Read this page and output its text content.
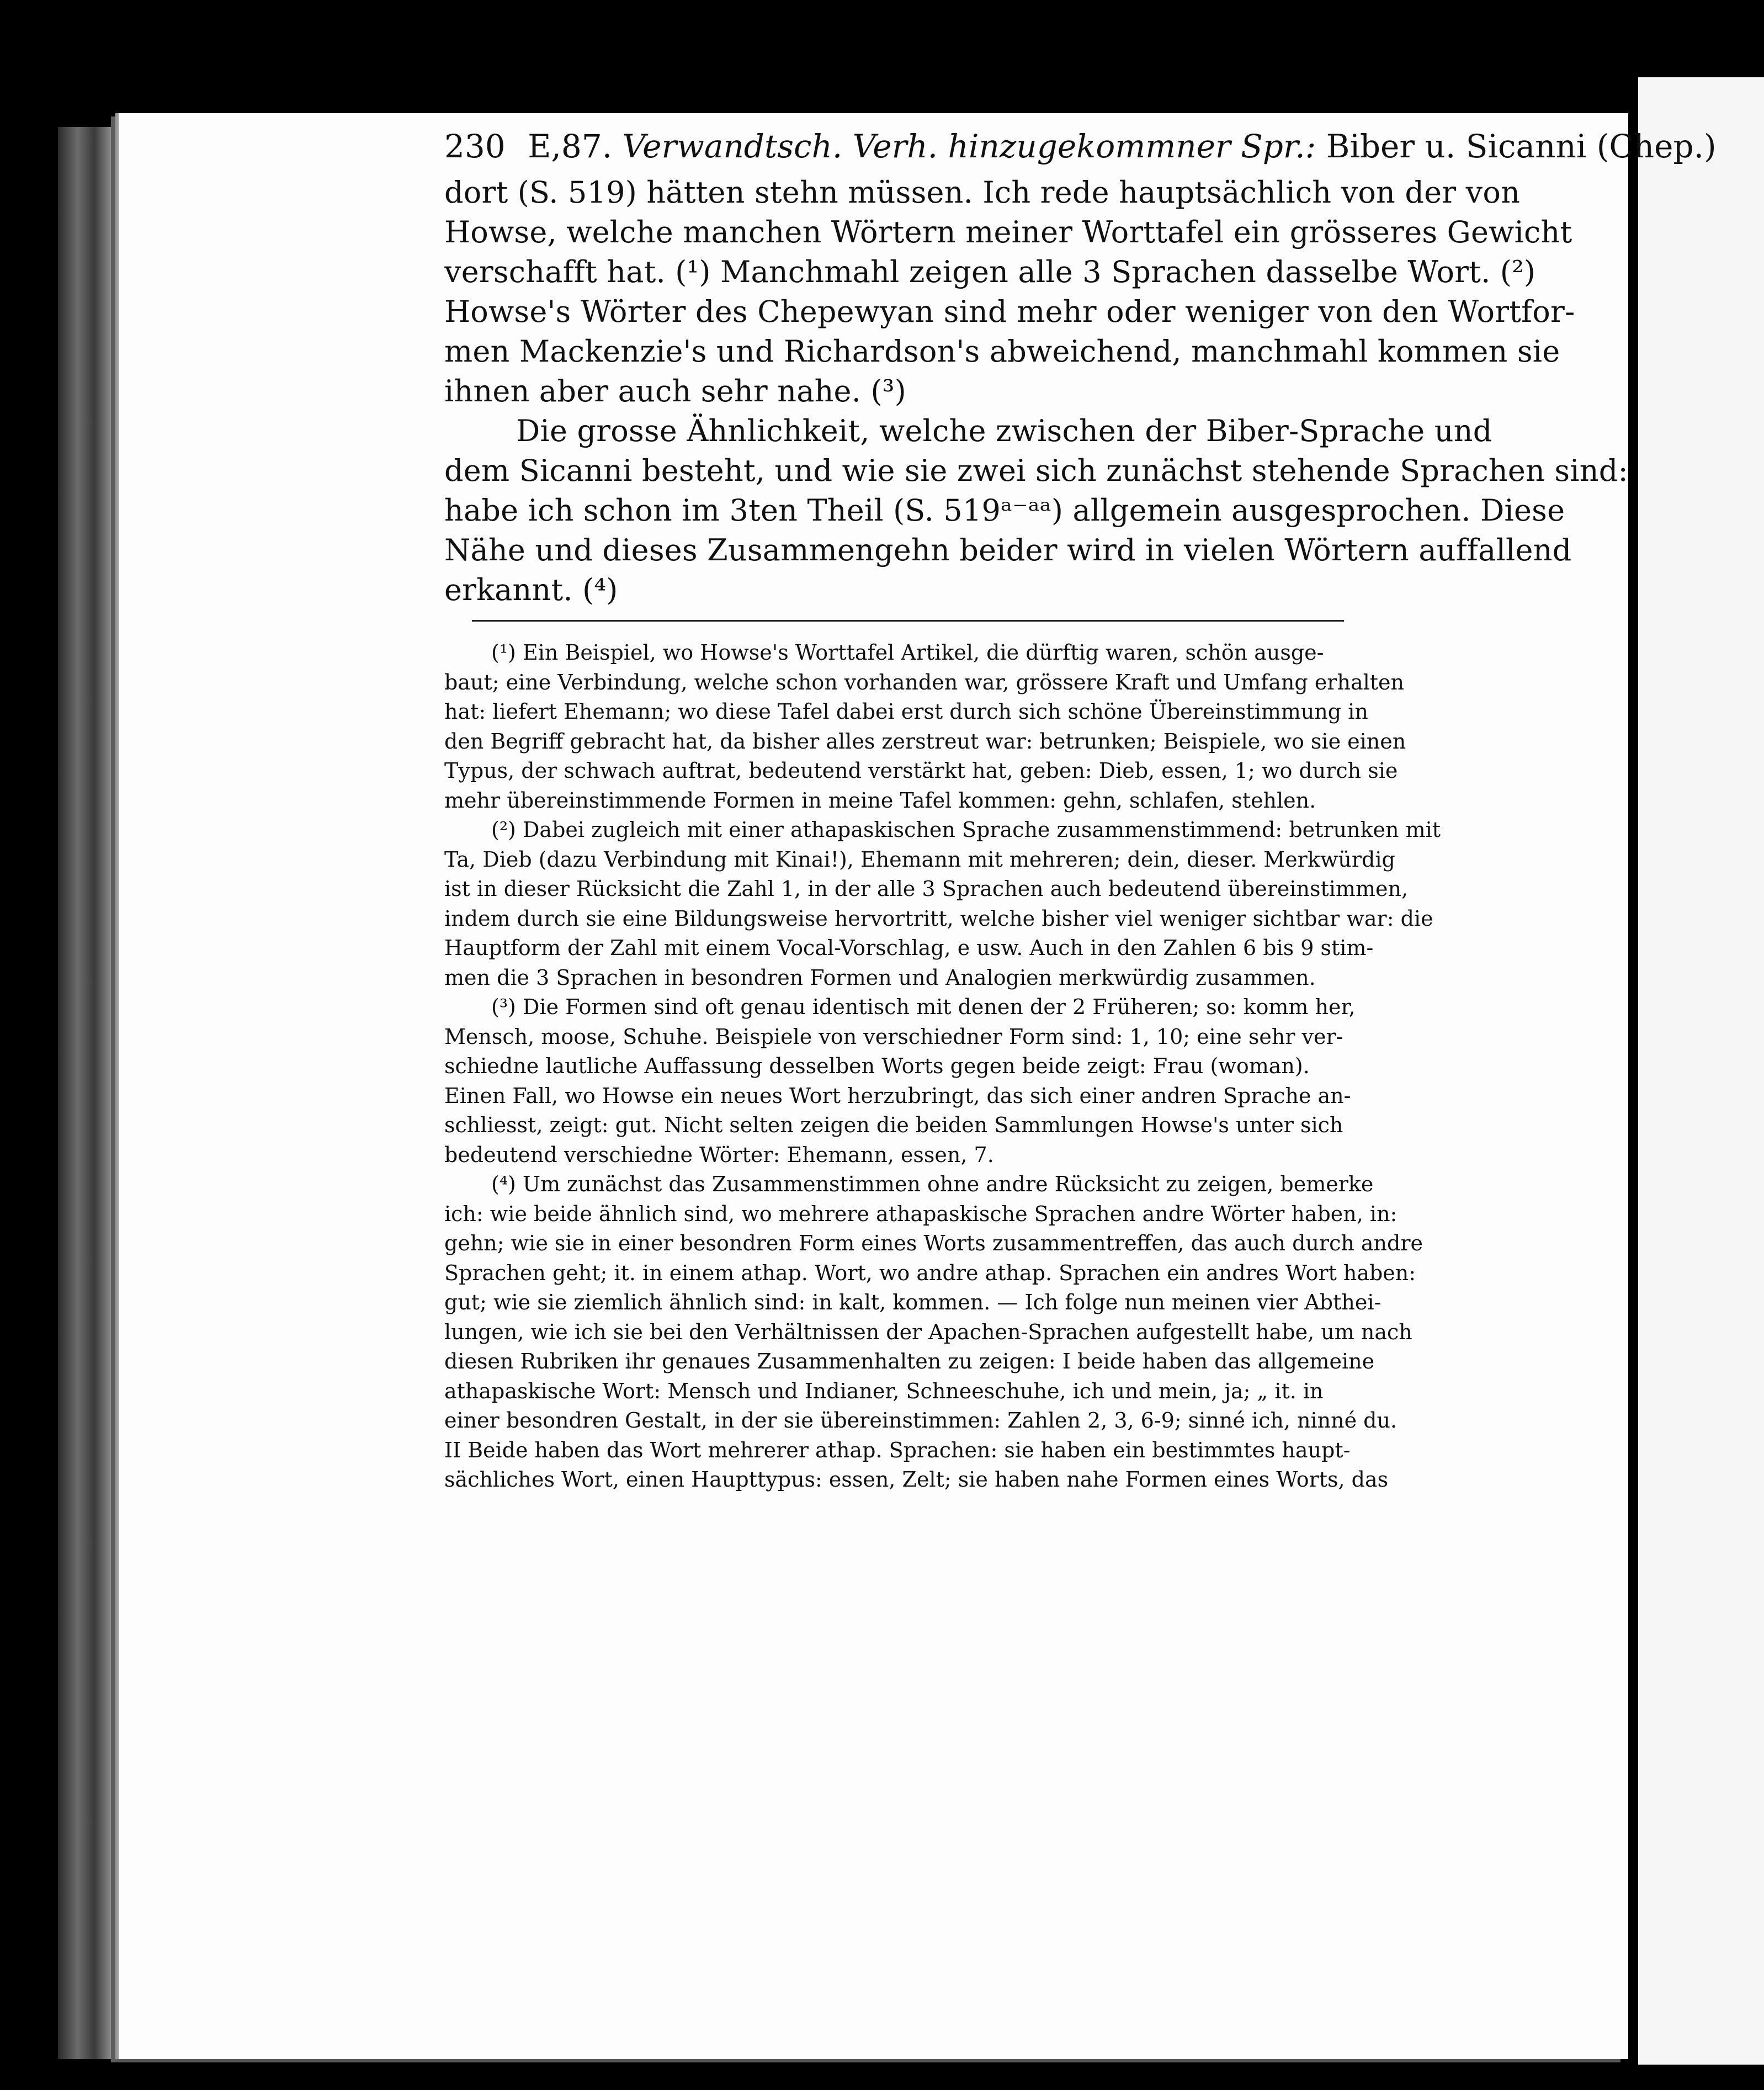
230 E,87. Verwandtsch. Verh. hinzugekommner Spr.: Biber u. Sicanni (Chep.)
dort (S. 519) hätten stehn müssen. Ich rede hauptsächlich von der von
Howse, welche manchen Wörtern meiner Worttafel ein grösseres Gewicht
verschafft hat. (¹) Manchmahl zeigen alle 3 Sprachen dasselbe Wort. (²)
Howse's Wörter des Chepewyan sind mehr oder weniger von den Wortfor-
men Mackenzie's und Richardson's abweichend, manchmahl kommen sie
ihnen aber auch sehr nahe. (³)
Die grosse Ähnlichkeit, welche zwischen der Biber-Sprache und
dem Sicanni besteht, und wie sie zwei sich zunächst stehende Sprachen sind:
habe ich schon im 3ten Theil (S. 519ᵃ⁻ᵃᵃ) allgemein ausgesprochen. Diese
Nähe und dieses Zusammengehn beider wird in vielen Wörtern auffallend
erkannt. (⁴)
(¹) Ein Beispiel, wo Howse's Worttafel Artikel, die dürftig waren, schön ausge-
baut; eine Verbindung, welche schon vorhanden war, grössere Kraft und Umfang erhalten
hat: liefert Ehemann; wo diese Tafel dabei erst durch sich schöne Übereinstimmung in
den Begriff gebracht hat, da bisher alles zerstreut war: betrunken; Beispiele, wo sie einen
Typus, der schwach auftrat, bedeutend verstärkt hat, geben: Dieb, essen, 1; wo durch sie
mehr übereinstimmende Formen in meine Tafel kommen: gehn, schlafen, stehlen.
(²) Dabei zugleich mit einer athapaskischen Sprache zusammenstimmend: betrunken mit
Ta, Dieb (dazu Verbindung mit Kinai!), Ehemann mit mehreren; dein, dieser. Merkwürdig
ist in dieser Rücksicht die Zahl 1, in der alle 3 Sprachen auch bedeutend übereinstimmen,
indem durch sie eine Bildungsweise hervortritt, welche bisher viel weniger sichtbar war: die
Hauptform der Zahl mit einem Vocal-Vorschlag, e usw. Auch in den Zahlen 6 bis 9 stim-
men die 3 Sprachen in besondren Formen und Analogien merkwürdig zusammen.
(³) Die Formen sind oft genau identisch mit denen der 2 Früheren; so: komm her,
Mensch, moose, Schuhe. Beispiele von verschiedner Form sind: 1, 10; eine sehr ver-
schiedne lautliche Auffassung desselben Worts gegen beide zeigt: Frau (woman).
Einen Fall, wo Howse ein neues Wort herzubringt, das sich einer andren Sprache an-
schliesst, zeigt: gut. Nicht selten zeigen die beiden Sammlungen Howse's unter sich
bedeutend verschiedne Wörter: Ehemann, essen, 7.
(⁴) Um zunächst das Zusammenstimmen ohne andre Rücksicht zu zeigen, bemerke
ich: wie beide ähnlich sind, wo mehrere athapaskische Sprachen andre Wörter haben, in:
gehn; wie sie in einer besondren Form eines Worts zusammentreffen, das auch durch andre
Sprachen geht; it. in einem athap. Wort, wo andre athap. Sprachen ein andres Wort haben:
gut; wie sie ziemlich ähnlich sind: in kalt, kommen. — Ich folge nun meinen vier Abthei-
lungen, wie ich sie bei den Verhältnissen der Apachen-Sprachen aufgestellt habe, um nach
diesen Rubriken ihr genaues Zusammenhalten zu zeigen: I beide haben das allgemeine
athapaskische Wort: Mensch und Indianer, Schneeschuhe, ich und mein, ja; „ it. in
einer besondren Gestalt, in der sie übereinstimmen: Zahlen 2, 3, 6-9; sinné ich, ninné du.
II Beide haben das Wort mehrerer athap. Sprachen: sie haben ein bestimmtes haupt-
sächliches Wort, einen Haupttypus: essen, Zelt; sie haben nahe Formen eines Worts, das
